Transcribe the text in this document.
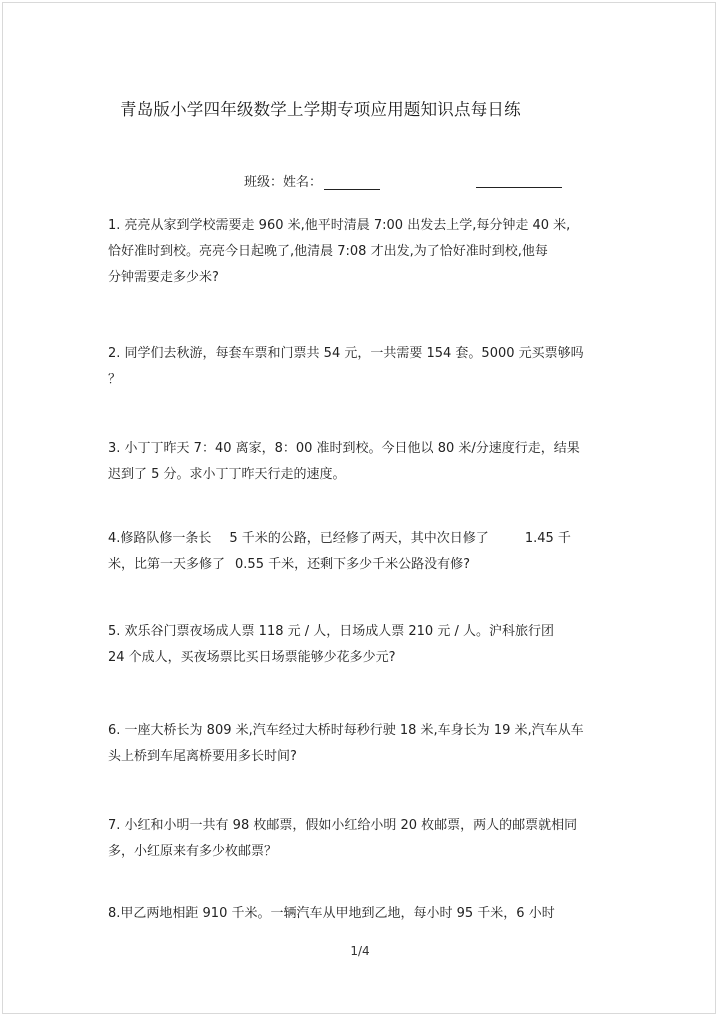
青岛版小学四年级数学上学期专项应用题知识点每日练
班级： 姓名：
1. 亮亮从家到学校需要走 960 米,他平时清晨 7:00 出发去上学,每分钟走 40 米,
恰好准时到校。亮亮今日起晚了,他清晨 7:08 才出发,为了恰好准时到校,他每
分钟需要走多少米?
2. 同学们去秋游，每套车票和门票共 54 元，一共需要 154 套。5000 元买票够吗
？
3. 小丁丁昨天 7：40 离家，8：00 准时到校。今日他以 80 米/分速度行走，结果
迟到了 5 分。求小丁丁昨天行走的速度。
4.修路队修一条长 5 千米的公路，已经修了两天，其中次日修了	1.45 千
米，比第一天多修了 0.55 千米，还剩下多少千米公路没有修?
5. 欢乐谷门票夜场成人票 118 元 / 人，日场成人票 210 元 / 人。沪科旅行团
24 个成人，买夜场票比买日场票能够少花多少元?
6. 一座大桥长为 809 米,汽车经过大桥时每秒行驶 18 米,车身长为 19 米,汽车从车
头上桥到车尾离桥要用多长时间?
7. 小红和小明一共有 98 枚邮票，假如小红给小明 20 枚邮票，两人的邮票就相同
多，小红原来有多少枚邮票？
8.甲乙两地相距 910 千米。一辆汽车从甲地到乙地，每小时 95 千米，6 小时
1/4
